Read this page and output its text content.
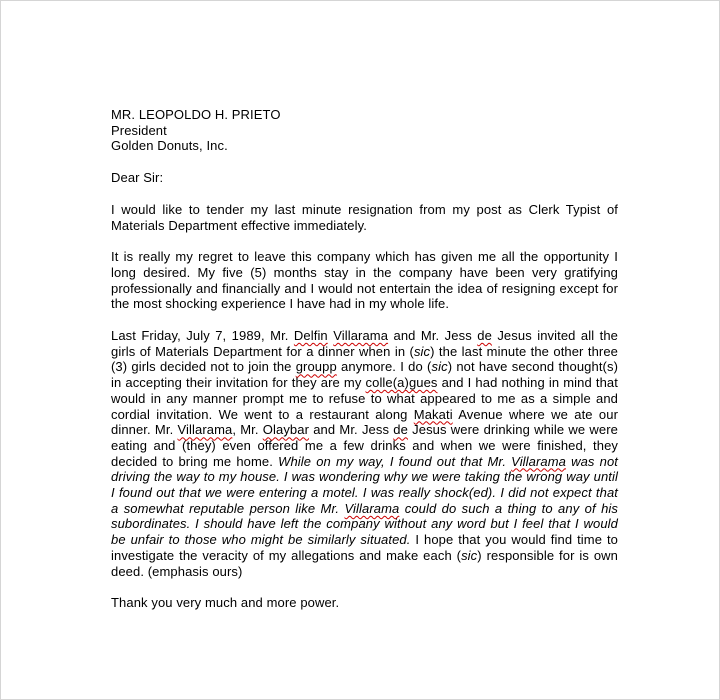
MR. LEOPOLDO H. PRIETO
President
Golden Donuts, Inc.
Dear Sir:

I would like to tender my last minute resignation from my post as Clerk Typist of Materials Department effective immediately.

It is really my regret to leave this company which has given me all the opportunity I long desired. My five (5) months stay in the company have been very gratifying professionally and financially and I would not entertain the idea of resigning except for the most shocking experience I have had in my whole life.

Last Friday, July 7, 1989, Mr. Delfin Villarama and Mr. Jess de Jesus invited all the girls of Materials Department for a dinner when in (sic) the last minute the other three (3) girls decided not to join the groupp anymore. I do (sic) not have second thought(s) in accepting their invitation for they are my colle(a)gues and I had nothing in mind that would in any manner prompt me to refuse to what appeared to me as a simple and cordial invitation. We went to a restaurant along Makati Avenue where we ate our dinner. Mr. Villarama, Mr. Olaybar and Mr. Jess de Jesus were drinking while we were eating and (they) even offered me a few drinks and when we were finished, they decided to bring me home. While on my way, I found out that Mr. Villarama was not driving the way to my house. I was wondering why we were taking the wrong way until I found out that we were entering a motel. I was really shock(ed). I did not expect that a somewhat reputable person like Mr. Villarama could do such a thing to any of his subordinates. I should have left the company without any word but I feel that I would be unfair to those who might be similarly situated. I hope that you would find time to investigate the veracity of my allegations and make each (sic) responsible for is own deed. (emphasis ours)

Thank you very much and more power.
